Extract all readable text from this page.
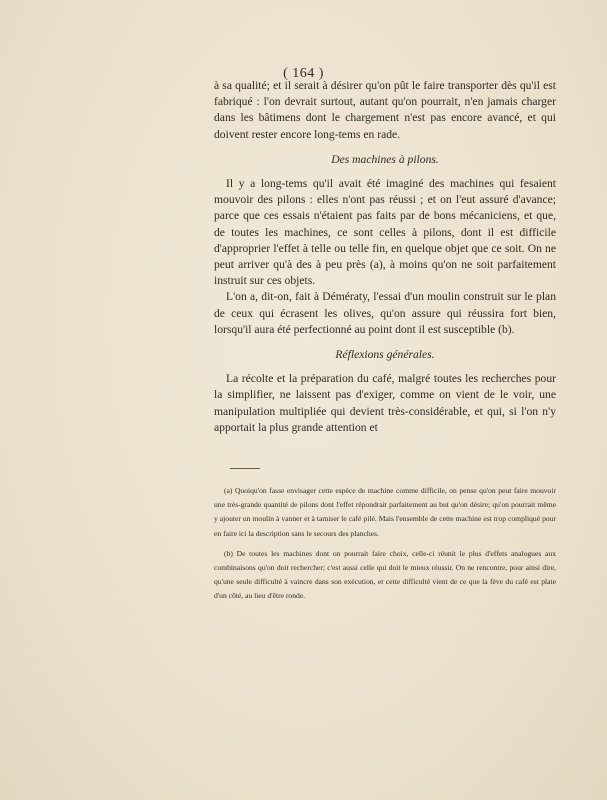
( 164 )

à sa qualité; et il serait à désirer qu'on pût le faire transporter dès qu'il est fabriqué : l'on devrait surtout, autant qu'on pourrait, n'en jamais charger dans les bâtimens dont le chargement n'est pas encore avancé, et qui doivent rester encore long-tems en rade.

Des machines à pilons.

Il y a long-tems qu'il avait été imaginé des machines qui fesaient mouvoir des pilons : elles n'ont pas réussi ; et on l'eut assuré d'avance; parce que ces essais n'étaient pas faits par de bons mécaniciens, et que, de toutes les machines, ce sont celles à pilons, dont il est difficile d'approprier l'effet à telle ou telle fin, en quelque objet que ce soit. On ne peut arriver qu'à des à peu près (a), à moins qu'on ne soit parfaitement instruit sur ces objets.

L'on a, dit-on, fait à Démératy, l'essai d'un moulin construit sur le plan de ceux qui écrasent les olives, qu'on assure qui réussira fort bien, lorsqu'il aura été perfectionné au point dont il est susceptible (b).

Réflexions générales.

La récolte et la préparation du café, malgré toutes les recherches pour la simplifier, ne laissent pas d'exiger, comme on vient de le voir, une manipulation multipliée qui devient très-considérable, et qui, si l'on n'y apportait la plus grande attention et

(a) Quoiqu'on fasse envisager cette espèce de machine comme difficile, on pense qu'on peut faire mouvoir une très-grande quantité de pilons dont l'effet répondrait parfaitement au but qu'on désire; qu'on pourrait même y ajouter un moulin à vanner et à tamiser le café pilé. Mais l'ensemble de cette machine est trop compliqué pour en faire ici la description sans le secours des planches.

(b) De toutes les machines dont on pourrait faire choix, celle-ci réunit le plus d'effets analogues aux combinaisons qu'on doit rechercher; c'est aussi celle qui doit le mieux réussir. On ne rencontre, pour ainsi dire, qu'une seule difficulté à vaincre dans son exécution, et cette difficulté vient de ce que la fève du café est plate d'un côté, au lieu d'être ronde.
